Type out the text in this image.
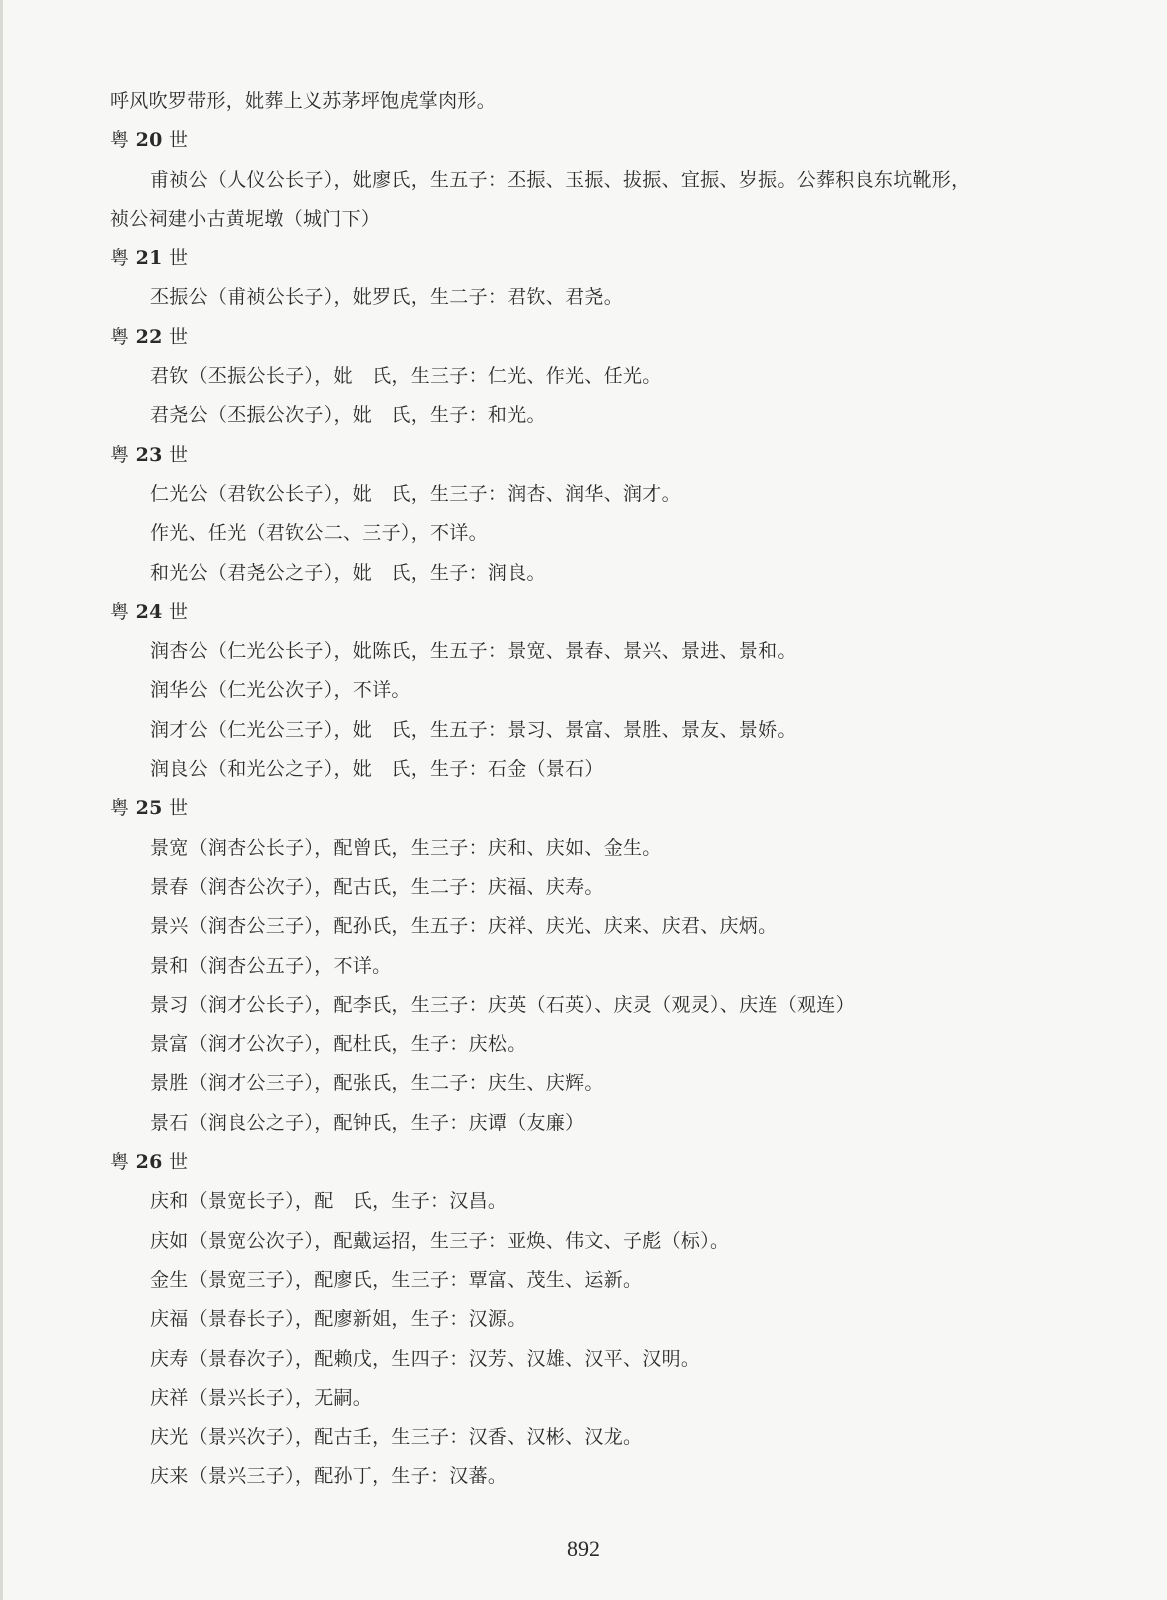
呼风吹罗带形，妣葬上义苏茅坪饱虎掌肉形。
粤 20 世
甫祯公（人仪公长子），妣廖氏，生五子：丕振、玉振、拔振、宜振、岁振。公葬积良东坑靴形，
祯公祠建小古黄坭墩（城门下）
粤 21 世
丕振公（甫祯公长子），妣罗氏，生二子：君钦、君尧。
粤 22 世
君钦（丕振公长子），妣　氏，生三子：仁光、作光、任光。
君尧公（丕振公次子），妣　氏，生子：和光。
粤 23 世
仁光公（君钦公长子），妣　氏，生三子：润杏、润华、润才。
作光、任光（君钦公二、三子），不详。
和光公（君尧公之子），妣　氏，生子：润良。
粤 24 世
润杏公（仁光公长子），妣陈氏，生五子：景宽、景春、景兴、景进、景和。
润华公（仁光公次子），不详。
润才公（仁光公三子），妣　氏，生五子：景习、景富、景胜、景友、景娇。
润良公（和光公之子），妣　氏，生子：石金（景石）
粤 25 世
景宽（润杏公长子），配曾氏，生三子：庆和、庆如、金生。
景春（润杏公次子），配古氏，生二子：庆福、庆寿。
景兴（润杏公三子），配孙氏，生五子：庆祥、庆光、庆来、庆君、庆炳。
景和（润杏公五子），不详。
景习（润才公长子），配李氏，生三子：庆英（石英）、庆灵（观灵）、庆连（观连）
景富（润才公次子），配杜氏，生子：庆松。
景胜（润才公三子），配张氏，生二子：庆生、庆辉。
景石（润良公之子），配钟氏，生子：庆谭（友廉）
粤 26 世
庆和（景宽长子），配　氏，生子：汉昌。
庆如（景宽公次子），配戴运招，生三子：亚焕、伟文、子彪（标）。
金生（景宽三子），配廖氏，生三子：覃富、茂生、运新。
庆福（景春长子），配廖新姐，生子：汉源。
庆寿（景春次子），配赖戊，生四子：汉芳、汉雄、汉平、汉明。
庆祥（景兴长子），无嗣。
庆光（景兴次子），配古壬，生三子：汉香、汉彬、汉龙。
庆来（景兴三子），配孙丁，生子：汉蕃。
892
